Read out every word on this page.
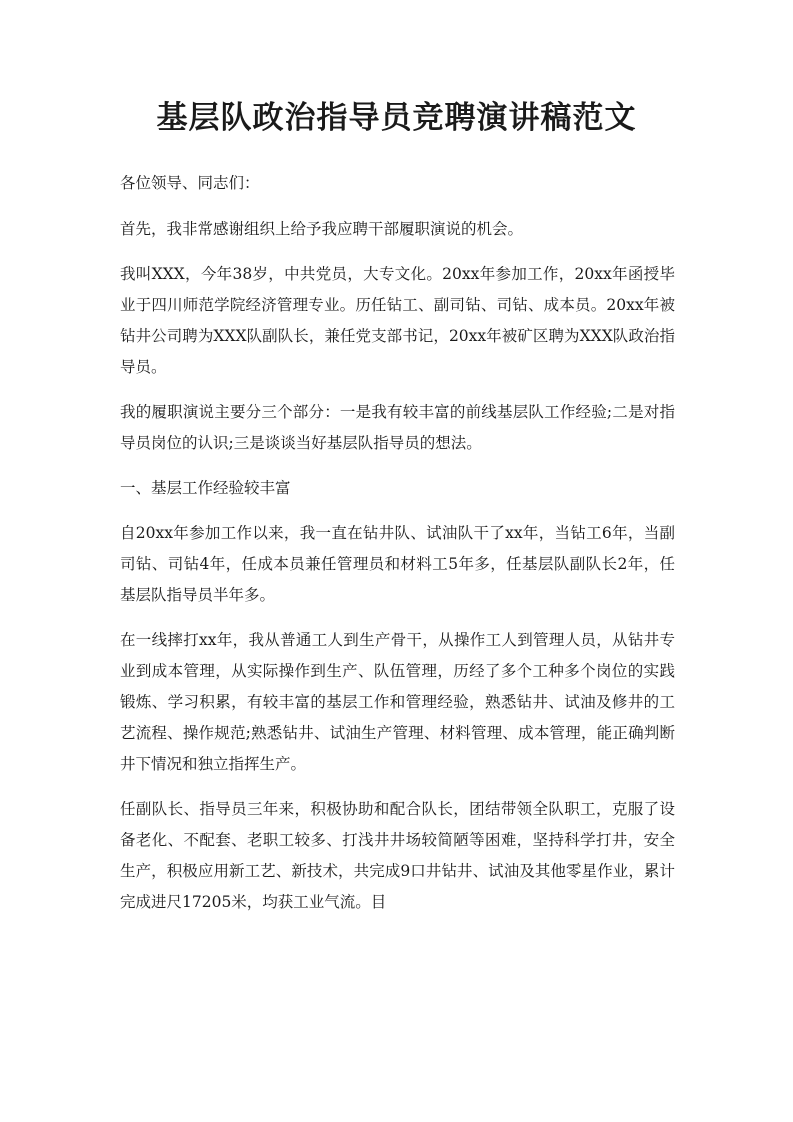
基层队政治指导员竞聘演讲稿范文

各位领导、同志们：

首先，我非常感谢组织上给予我应聘干部履职演说的机会。

我叫XXX，今年38岁，中共党员，大专文化。20xx年参加工作，20xx年函授毕业于四川师范学院经济管理专业。历任钻工、副司钻、司钻、成本员。20xx年被钻井公司聘为XXX队副队长，兼任党支部书记，20xx年被矿区聘为XXX队政治指导员。

我的履职演说主要分三个部分：一是我有较丰富的前线基层队工作经验;二是对指导员岗位的认识;三是谈谈当好基层队指导员的想法。

一、基层工作经验较丰富

自20xx年参加工作以来，我一直在钻井队、试油队干了xx年，当钻工6年，当副司钻、司钻4年，任成本员兼任管理员和材料工5年多，任基层队副队长2年，任基层队指导员半年多。

在一线摔打xx年，我从普通工人到生产骨干，从操作工人到管理人员，从钻井专业到成本管理，从实际操作到生产、队伍管理，历经了多个工种多个岗位的实践锻炼、学习积累，有较丰富的基层工作和管理经验，熟悉钻井、试油及修井的工艺流程、操作规范;熟悉钻井、试油生产管理、材料管理、成本管理，能正确判断井下情况和独立指挥生产。

任副队长、指导员三年来，积极协助和配合队长，团结带领全队职工，克服了设备老化、不配套、老职工较多、打浅井井场较简陋等困难，坚持科学打井，安全生产，积极应用新工艺、新技术，共完成9口井钻井、试油及其他零星作业，累计完成进尺17205米，均获工业气流。目
